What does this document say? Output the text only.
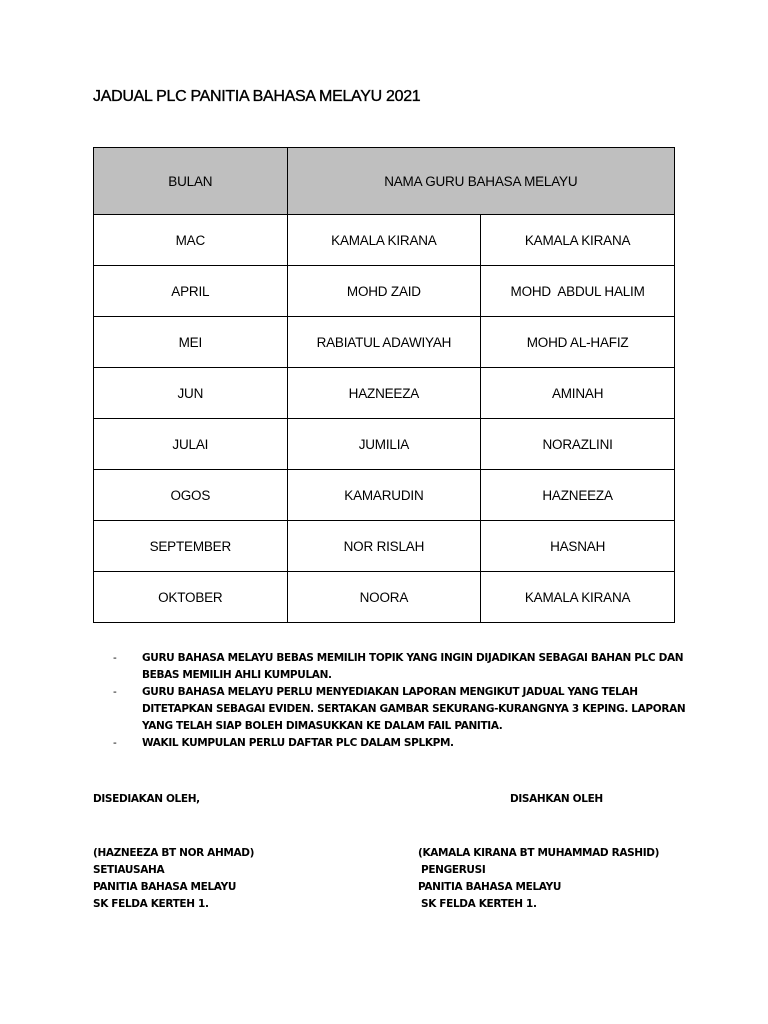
JADUAL PLC PANITIA BAHASA MELAYU 2021
BULAN	NAMA GURU BAHASA MELAYU	
MAC	KAMALA KIRANA	KAMALA KIRANA
APRIL	MOHD ZAID	MOHD  ABDUL HALIM
MEI	RABIATUL ADAWIYAH	MOHD AL-HAFIZ
JUN	HAZNEEZA	AMINAH
JULAI	JUMILIA	NORAZLINI
OGOS	KAMARUDIN	HAZNEEZA
SEPTEMBER	NOR RISLAH	HASNAH
OKTOBER	NOORA	KAMALA KIRANA
- GURU BAHASA MELAYU BEBAS MEMILIH TOPIK YANG INGIN DIJADIKAN SEBAGAI BAHAN PLC DAN BEBAS MEMILIH AHLI KUMPULAN.
- GURU BAHASA MELAYU PERLU MENYEDIAKAN LAPORAN MENGIKUT JADUAL YANG TELAH DITETAPKAN SEBAGAI EVIDEN. SERTAKAN GAMBAR SEKURANG-KURANGNYA 3 KEPING. LAPORAN YANG TELAH SIAP BOLEH DIMASUKKAN KE DALAM FAIL PANITIA.
- WAKIL KUMPULAN PERLU DAFTAR PLC DALAM SPLKPM.
DISEDIAKAN OLEH,	DISAHKAN OLEH
(HAZNEEZA BT NOR AHMAD)
SETIAUSAHA
PANITIA BAHASA MELAYU
SK FELDA KERTEH 1.
(KAMALA KIRANA BT MUHAMMAD RASHID)
PENGERUSI
PANITIA BAHASA MELAYU
SK FELDA KERTEH 1.
